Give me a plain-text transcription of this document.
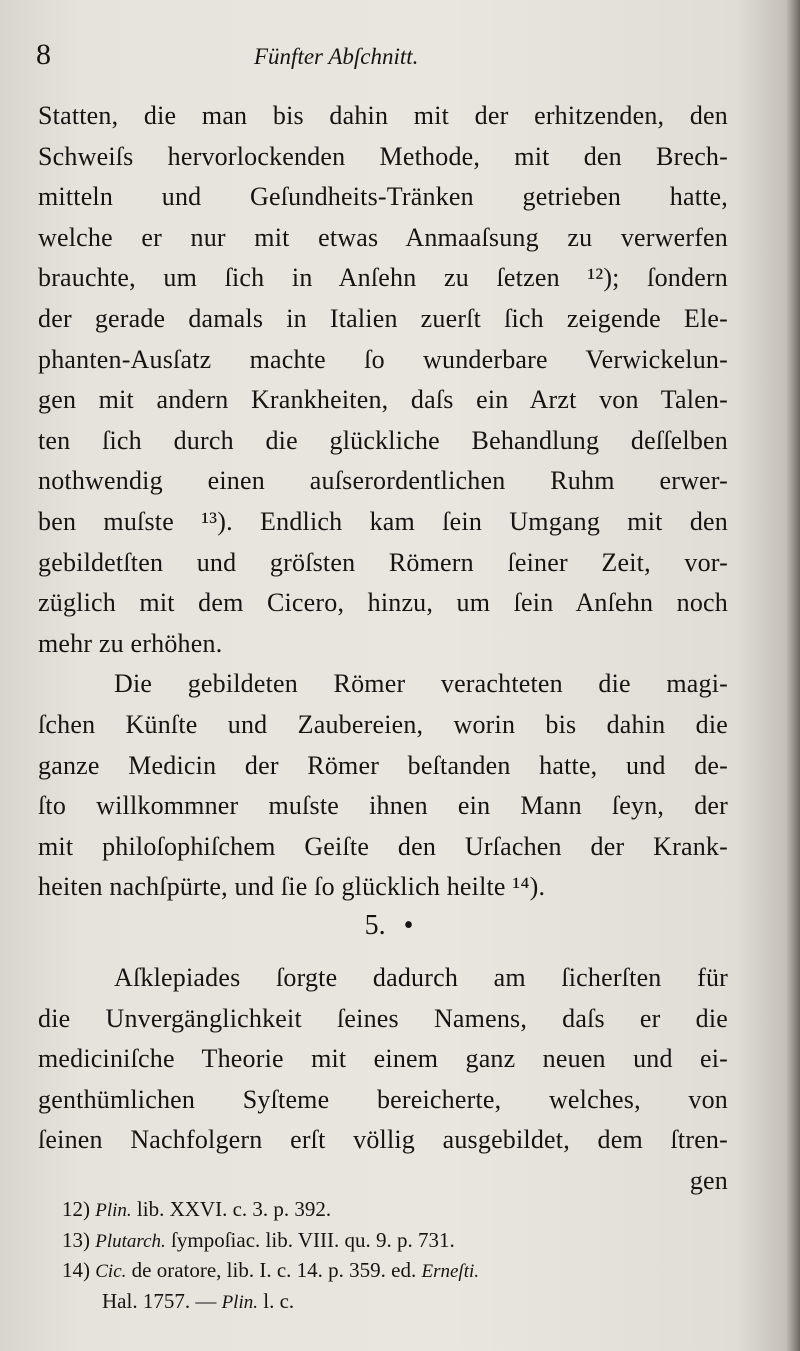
8	Fünfter Abſchnitt.
Statten, die man bis dahin mit der erhitzenden, den
Schweiſs hervorlockenden Methode, mit den Brech-
mitteln und Geſundheits-Tränken getrieben hatte,
welche er nur mit etwas Anmaaſsung zu verwerfen
brauchte, um ſich in Anſehn zu ſetzen ¹²); ſondern
der gerade damals in Italien zuerſt ſich zeigende Ele-
phanten-Ausſatz machte ſo wunderbare Verwickelun-
gen mit andern Krankheiten, daſs ein Arzt von Talen-
ten ſich durch die glückliche Behandlung deſſelben
nothwendig einen auſserordentlichen Ruhm erwer-
ben muſste ¹³). Endlich kam ſein Umgang mit den
gebildetſten und gröſsten Römern ſeiner Zeit, vor-
züglich mit dem Cicero, hinzu, um ſein Anſehn noch
mehr zu erhöhen.
Die gebildeten Römer verachteten die magi-
ſchen Künſte und Zaubereien, worin bis dahin die
ganze Medicin der Römer beſtanden hatte, und de-
ſto willkommner muſste ihnen ein Mann ſeyn, der
mit philoſophiſchem Geiſte den Urſachen der Krank-
heiten nachſpürte, und ſie ſo glücklich heilte ¹⁴).
5. •
Aſklepiades ſorgte dadurch am ſicherſten für
die Unvergänglichkeit ſeines Namens, daſs er die
mediciniſche Theorie mit einem ganz neuen und ei-
genthümlichen Syſteme bereicherte, welches, von
ſeinen Nachfolgern erſt völlig ausgebildet, dem ſtren-
gen
12) Plin. lib. XXVI. c. 3. p. 392.
13) Plutarch. ſympoſiac. lib. VIII. qu. 9. p. 731.
14) Cic. de oratore, lib. I. c. 14. p. 359. ed. Erneſti.
Hal. 1757. — Plin. l. c.
